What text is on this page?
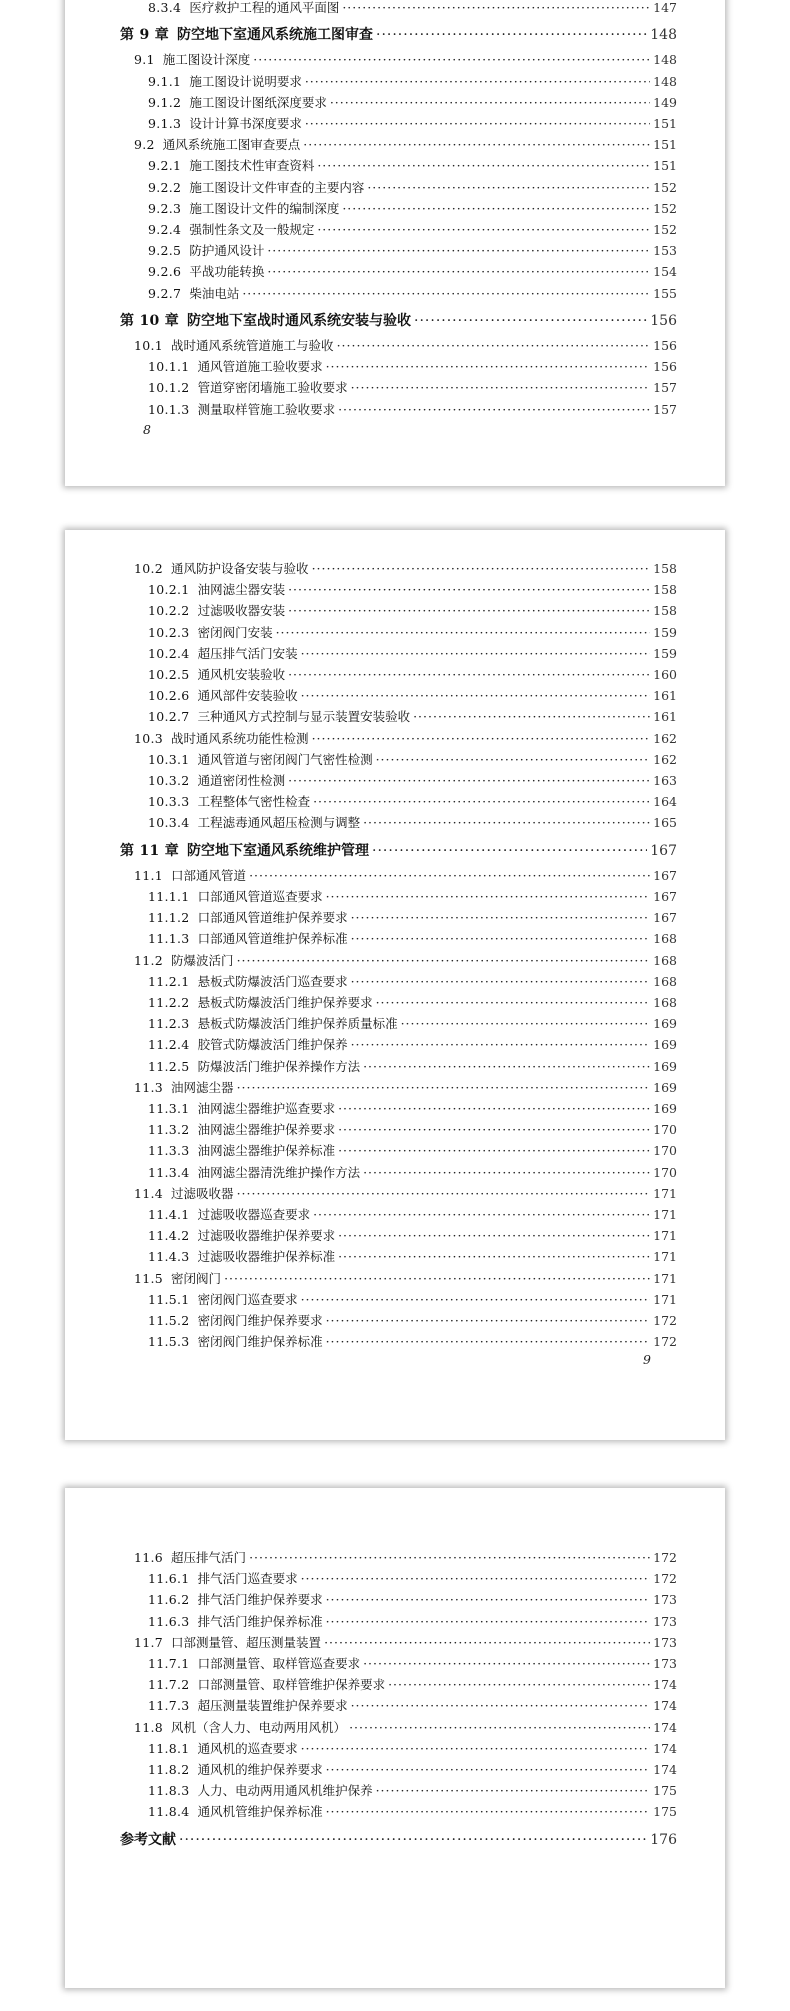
8.3.4 医疗救护工程的通风平面图 ·····	147
第 9 章 防空地下室通风系统施工图审查 ·····	148
9.1 施工图设计深度 ·····	148
9.1.1 施工图设计说明要求 ·····	148
9.1.2 施工图设计图纸深度要求 ·····	149
9.1.3 设计计算书深度要求 ·····	151
9.2 通风系统施工图审查要点 ·····	151
9.2.1 施工图技术性审查资料 ·····	151
9.2.2 施工图设计文件审查的主要内容 ·····	152
9.2.3 施工图设计文件的编制深度 ·····	152
9.2.4 强制性条文及一般规定 ·····	152
9.2.5 防护通风设计 ·····	153
9.2.6 平战功能转换 ·····	154
9.2.7 柴油电站 ·····	155
第 10 章 防空地下室战时通风系统安装与验收 ·····	156
10.1 战时通风系统管道施工与验收 ·····	156
10.1.1 通风管道施工验收要求 ·····	156
10.1.2 管道穿密闭墙施工验收要求 ·····	157
10.1.3 测量取样管施工验收要求 ·····	157
8
10.2 通风防护设备安装与验收 ·····	158
10.2.1 油网滤尘器安装 ·····	158
10.2.2 过滤吸收器安装 ·····	158
10.2.3 密闭阀门安装 ·····	159
10.2.4 超压排气活门安装 ·····	159
10.2.5 通风机安装验收 ·····	160
10.2.6 通风部件安装验收 ·····	161
10.2.7 三种通风方式控制与显示装置安装验收 ·····	161
10.3 战时通风系统功能性检测 ·····	162
10.3.1 通风管道与密闭阀门气密性检测 ·····	162
10.3.2 通道密闭性检测 ·····	163
10.3.3 工程整体气密性检查 ·····	164
10.3.4 工程滤毒通风超压检测与调整 ·····	165
第 11 章 防空地下室通风系统维护管理 ·····	167
11.1 口部通风管道 ·····	167
11.1.1 口部通风管道巡查要求 ·····	167
11.1.2 口部通风管道维护保养要求 ·····	167
11.1.3 口部通风管道维护保养标准 ·····	168
11.2 防爆波活门 ·····	168
11.2.1 悬板式防爆波活门巡查要求 ·····	168
11.2.2 悬板式防爆波活门维护保养要求 ·····	168
11.2.3 悬板式防爆波活门维护保养质量标准 ·····	169
11.2.4 胶管式防爆波活门维护保养 ·····	169
11.2.5 防爆波活门维护保养操作方法 ·····	169
11.3 油网滤尘器 ·····	169
11.3.1 油网滤尘器维护巡查要求 ·····	169
11.3.2 油网滤尘器维护保养要求 ·····	170
11.3.3 油网滤尘器维护保养标准 ·····	170
11.3.4 油网滤尘器清洗维护操作方法 ·····	170
11.4 过滤吸收器 ·····	171
11.4.1 过滤吸收器巡查要求 ·····	171
11.4.2 过滤吸收器维护保养要求 ·····	171
11.4.3 过滤吸收器维护保养标准 ·····	171
11.5 密闭阀门 ·····	171
11.5.1 密闭阀门巡查要求 ·····	171
11.5.2 密闭阀门维护保养要求 ·····	172
11.5.3 密闭阀门维护保养标准 ·····	172
9
11.6 超压排气活门 ·····	172
11.6.1 排气活门巡查要求 ·····	172
11.6.2 排气活门维护保养要求 ·····	173
11.6.3 排气活门维护保养标准 ·····	173
11.7 口部测量管、超压测量装置 ·····	173
11.7.1 口部测量管、取样管巡查要求 ·····	173
11.7.2 口部测量管、取样管维护保养要求 ·····	174
11.7.3 超压测量装置维护保养要求 ·····	174
11.8 风机（含人力、电动两用风机） ·····	174
11.8.1 通风机的巡查要求 ·····	174
11.8.2 通风机的维护保养要求 ·····	174
11.8.3 人力、电动两用通风机维护保养 ·····	175
11.8.4 通风机管维护保养标准 ·····	175
参考文献 ·····	176
